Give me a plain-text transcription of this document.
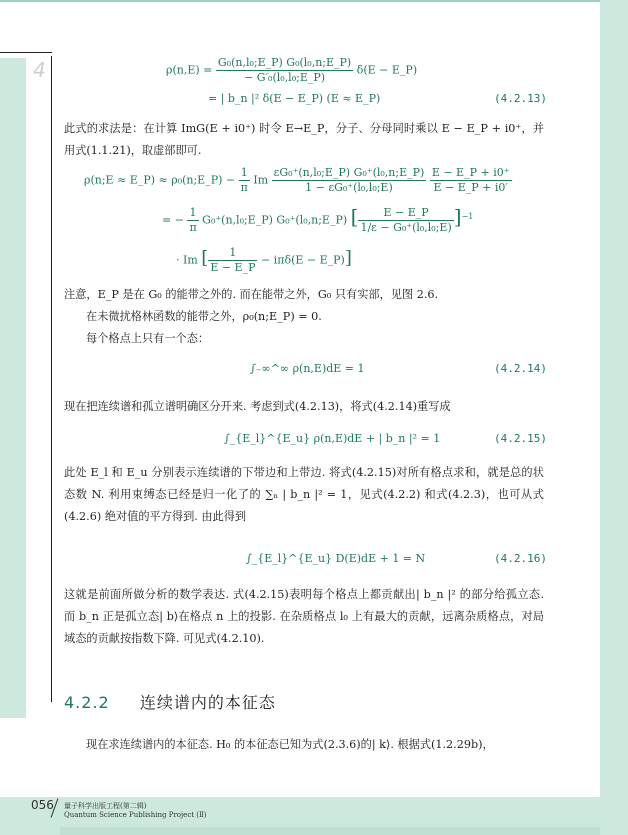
4	$\rho(n,E) = \frac{\text{G₀(n,l₀;E\_P) G₀(l₀,n;E\_P)}}{\text{− G′₀(l₀,l₀;E\_P)}} \delta(E$ − E_P)
= | b_n |² δ(E − E_P) (E ≈ E_P)	(4.2.13)
此式的求法是：在计算 ImG(E + i0⁺) 时令 E→E_P，分子、分母同时乘以 E − E_P + i0⁺，并用式(1.1.21)，取虚部即可.
ρ(n;E ≈ E_P) ≈ ρ₀(n;E_P) − $\frac{1}{\pi}$ Im $\frac{\text{εG₀⁺(n,l₀;E\_P) G₀⁺(l₀,n;E\_P)}}{\text{1 − εG₀⁺(l₀,l₀;E)}}$
$\frac{E - E\_P + i0^+}{E - E\_P + i0'}$
= − $\frac{1}{\pi}$ G₀⁺(n,l₀;E_P) G₀⁺(l₀,n;E_P) [ $\frac{E - E\_P}{\text{1/ε − G₀⁺(l₀,l₀;E)}} ]^{-1}$
· Im [ $\frac{1}{E - E\_P} - i\pi\delta(E$ − E_P)]
注意，E_P 是在 G₀ 的能带之外的. 而在能带之外，G₀ 只有实部，见图 2.6.
在未微扰格林函数的能带之外，ρ₀(n;E_P) = 0.
每个格点上只有一个态：
∫₋∞^∞ ρ(n,E)dE = 1	(4.2.14)
现在把连续谱和孤立谱明确区分开来. 考虑到式(4.2.13)，将式(4.2.14)重写成
∫_{E_l}^{E_u} ρ(n,E)dE + | b_n |² = 1	(4.2.15)
此处 E_l 和 E_u 分别表示连续谱的下带边和上带边. 将式(4.2.15)对所有格点求和，就是总的状态数 N. 利用束缚态已经是归一化了的 ∑ₙ | b_n |² = 1，见式(4.2.2) 和式(4.2.3)，也可从式(4.2.6) 绝对值的平方得到. 由此得到
∫_{E_l}^{E_u} D(E)dE + 1 = N	(4.2.16)
这就是前面所做分析的数学表达. 式(4.2.15)表明每个格点上都贡献出| b_n |² 的部分给孤立态. 而 b_n 正是孤立态| b⟩在格点 n 上的投影. 在杂质格点 l₀ 上有最大的贡献，远离杂质格点，对局域态的贡献按指数下降. 可见式(4.2.10).
4.2.2 连续谱内的本征态
现在求连续谱内的本征态. H₀ 的本征态已知为式(2.3.6)的| k⟩. 根据式(1.2.29b)，
056 量子科学出版工程(第二辑)
Quantum Science Publishing Project (Ⅱ)
